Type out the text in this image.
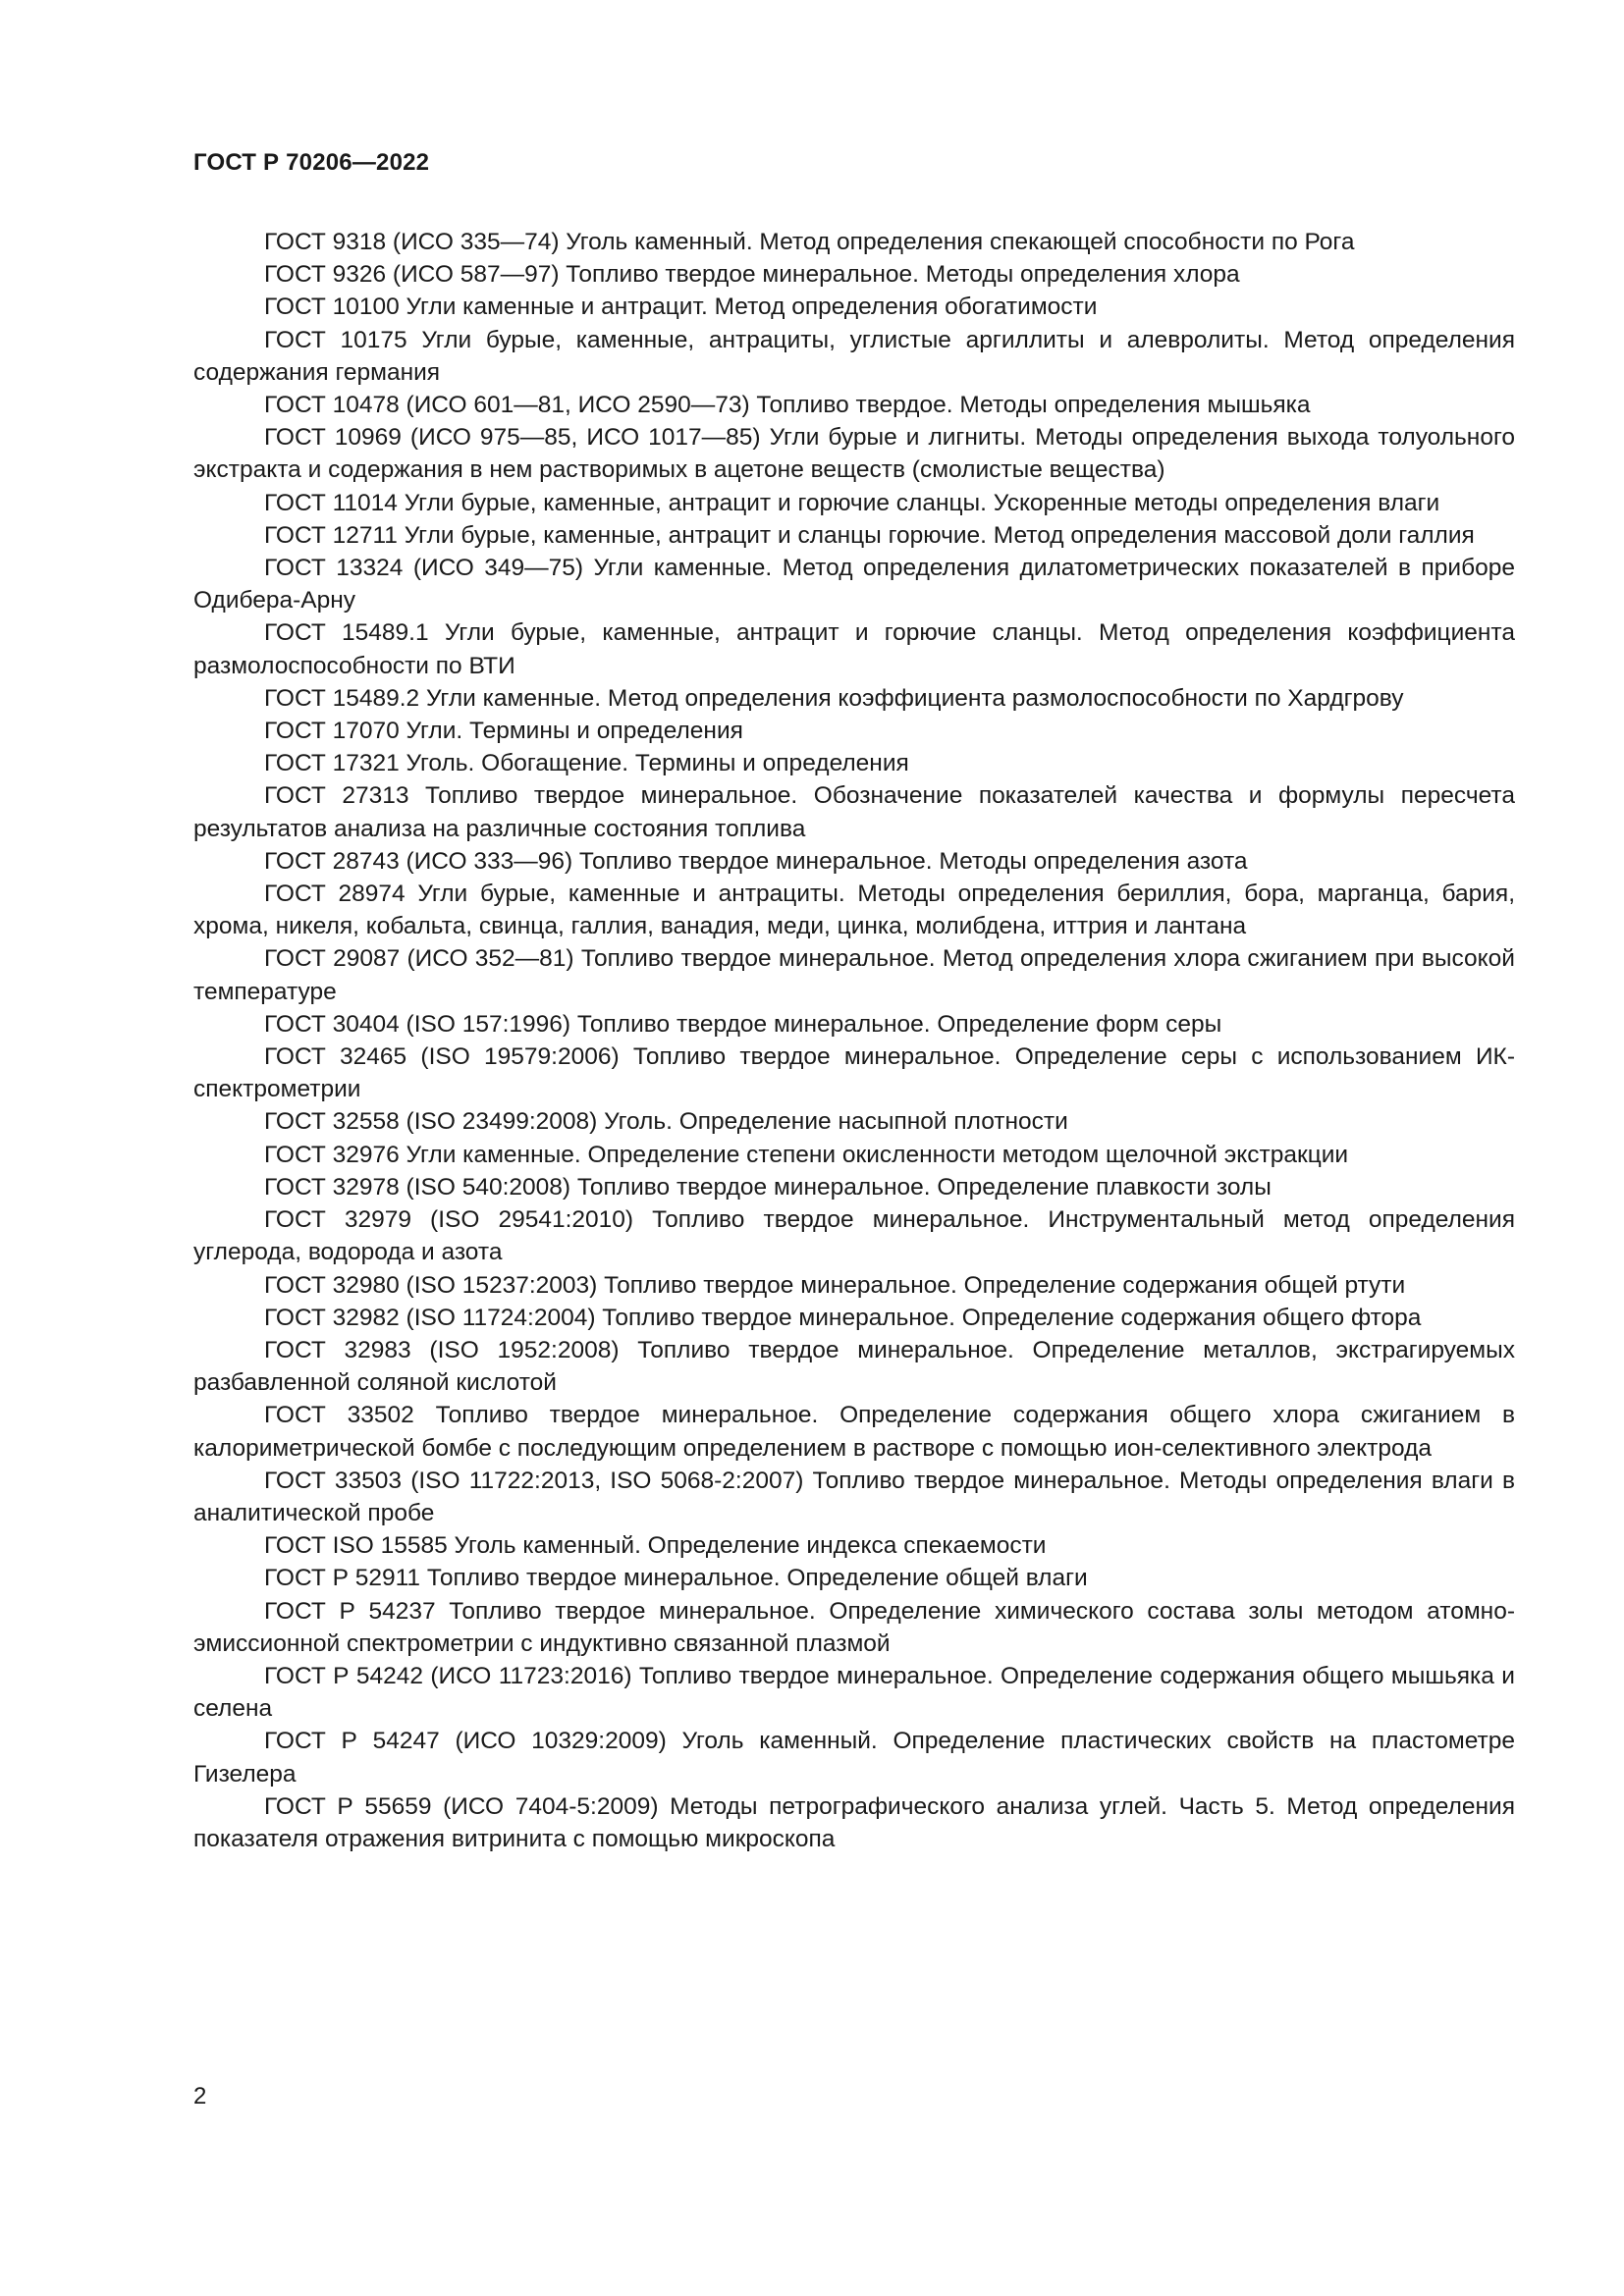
ГОСТ Р 70206—2022

ГОСТ 9318 (ИСО 335—74) Уголь каменный. Метод определения спекающей способности по Рога

ГОСТ 9326 (ИСО 587—97) Топливо твердое минеральное. Методы определения хлора

ГОСТ 10100 Угли каменные и антрацит. Метод определения обогатимости

ГОСТ 10175 Угли бурые, каменные, антрациты, углистые аргиллиты и алевролиты. Метод определения содержания германия

ГОСТ 10478 (ИСО 601—81, ИСО 2590—73) Топливо твердое. Методы определения мышьяка

ГОСТ 10969 (ИСО 975—85, ИСО 1017—85) Угли бурые и лигниты. Методы определения выхода толуольного экстракта и содержания в нем растворимых в ацетоне веществ (смолистые вещества)

ГОСТ 11014 Угли бурые, каменные, антрацит и горючие сланцы. Ускоренные методы определения влаги

ГОСТ 12711 Угли бурые, каменные, антрацит и сланцы горючие. Метод определения массовой доли галлия

ГОСТ 13324 (ИСО 349—75) Угли каменные. Метод определения дилатометрических показателей в приборе Одибера-Арну

ГОСТ 15489.1 Угли бурые, каменные, антрацит и горючие сланцы. Метод определения коэффициента размолоспособности по ВТИ

ГОСТ 15489.2 Угли каменные. Метод определения коэффициента размолоспособности по Хардгрову

ГОСТ 17070 Угли. Термины и определения

ГОСТ 17321 Уголь. Обогащение. Термины и определения

ГОСТ 27313 Топливо твердое минеральное. Обозначение показателей качества и формулы пересчета результатов анализа на различные состояния топлива

ГОСТ 28743 (ИСО 333—96) Топливо твердое минеральное. Методы определения азота

ГОСТ 28974 Угли бурые, каменные и антрациты. Методы определения бериллия, бора, марганца, бария, хрома, никеля, кобальта, свинца, галлия, ванадия, меди, цинка, молибдена, иттрия и лантана

ГОСТ 29087 (ИСО 352—81) Топливо твердое минеральное. Метод определения хлора сжиганием при высокой температуре

ГОСТ 30404 (ISO 157:1996) Топливо твердое минеральное. Определение форм серы

ГОСТ 32465 (ISO 19579:2006) Топливо твердое минеральное. Определение серы с использованием ИК-спектрометрии

ГОСТ 32558 (ISO 23499:2008) Уголь. Определение насыпной плотности

ГОСТ 32976 Угли каменные. Определение степени окисленности методом щелочной экстракции

ГОСТ 32978 (ISO 540:2008) Топливо твердое минеральное. Определение плавкости золы

ГОСТ 32979 (ISO 29541:2010) Топливо твердое минеральное. Инструментальный метод определения углерода, водорода и азота

ГОСТ 32980 (ISO 15237:2003) Топливо твердое минеральное. Определение содержания общей ртути

ГОСТ 32982 (ISO 11724:2004) Топливо твердое минеральное. Определение содержания общего фтора

ГОСТ 32983 (ISO 1952:2008) Топливо твердое минеральное. Определение металлов, экстрагируемых разбавленной соляной кислотой

ГОСТ 33502 Топливо твердое минеральное. Определение содержания общего хлора сжиганием в калориметрической бомбе с последующим определением в растворе с помощью ион-селективного электрода

ГОСТ 33503 (ISO 11722:2013, ISO 5068-2:2007) Топливо твердое минеральное. Методы определения влаги в аналитической пробе

ГОСТ ISO 15585 Уголь каменный. Определение индекса спекаемости

ГОСТ Р 52911 Топливо твердое минеральное. Определение общей влаги

ГОСТ Р 54237 Топливо твердое минеральное. Определение химического состава золы методом атомно-эмиссионной спектрометрии с индуктивно связанной плазмой

ГОСТ Р 54242 (ИСО 11723:2016) Топливо твердое минеральное. Определение содержания общего мышьяка и селена

ГОСТ Р 54247 (ИСО 10329:2009) Уголь каменный. Определение пластических свойств на пластометре Гизелера

ГОСТ Р 55659 (ИСО 7404-5:2009) Методы петрографического анализа углей. Часть 5. Метод определения показателя отражения витринита с помощью микроскопа

2
